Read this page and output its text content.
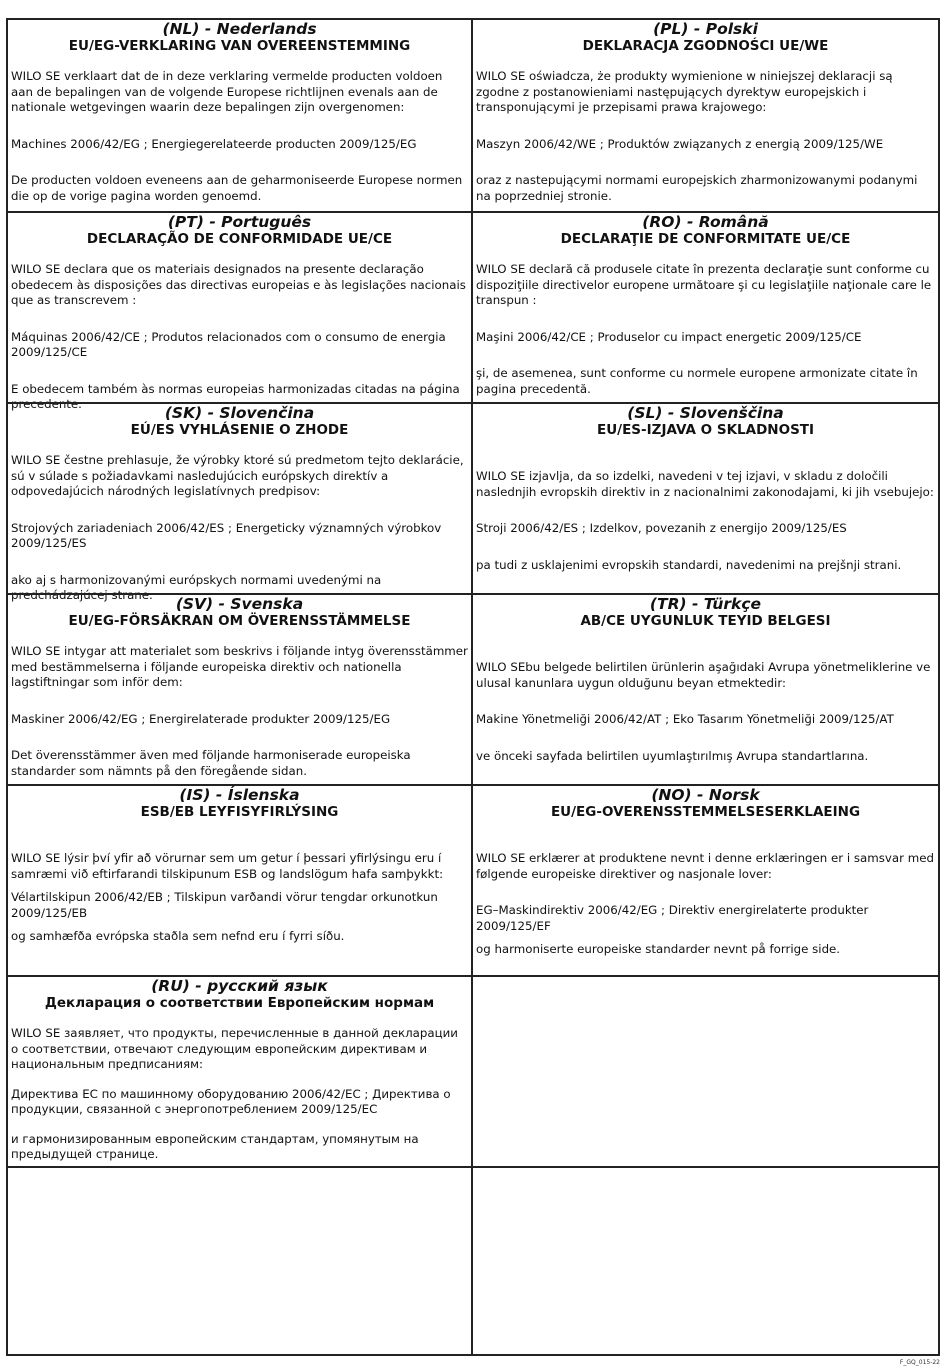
(NL) - Nederlands
EU/EG-VERKLARING VAN OVEREENSTEMMING

WILO SE verklaart dat de in deze verklaring vermelde producten voldoen aan de bepalingen van de volgende Europese richtlijnen evenals aan de nationale wetgevingen waarin deze bepalingen zijn overgenomen:

Machines 2006/42/EG ; Energiegerelateerde producten 2009/125/EG

De producten voldoen eveneens aan de geharmoniseerde Europese normen die op de vorige pagina worden genoemd.

(PL) - Polski
DEKLARACJA ZGODNOŚCI UE/WE

WILO SE oświadcza, że produkty wymienione w niniejszej deklaracji są zgodne z postanowieniami następujących dyrektyw europejskich i transponującymi je przepisami prawa krajowego:

Maszyn 2006/42/WE ; Produktów związanych z energią 2009/125/WE

oraz z nastepującymi normami europejskich zharmonizowanymi podanymi na poprzedniej stronie.

(PT) - Português
DECLARAÇÃO DE CONFORMIDADE UE/CE

WILO SE declara que os materiais designados na presente declaração obedecem às disposições das directivas europeias e às legislações nacionais que as transcrevem :

Máquinas 2006/42/CE ; Produtos relacionados com o consumo de energia 2009/125/CE

E obedecem também às normas europeias harmonizadas citadas na página precedente.

(RO) - Română
DECLARAŢIE DE CONFORMITATE UE/CE

WILO SE declară că produsele citate în prezenta declaraţie sunt conforme cu dispoziţiile directivelor europene următoare şi cu legislaţiile naţionale care le transpun :

Maşini 2006/42/CE ; Produselor cu impact energetic 2009/125/CE

şi, de asemenea, sunt conforme cu normele europene armonizate citate în pagina precedentă.

(SK) - Slovenčina
EÚ/ES VYHLÁSENIE O ZHODE

WILO SE čestne prehlasuje, že výrobky ktoré sú predmetom tejto deklarácie, sú v súlade s požiadavkami nasledujúcich európskych direktív a odpovedajúcich národných legislatívnych predpisov:

Strojových zariadeniach 2006/42/ES ; Energeticky významných výrobkov 2009/125/ES

ako aj s harmonizovanými európskych normami uvedenými na predchádzajúcej strane.

(SL) - Slovenščina
EU/ES-IZJAVA O SKLADNOSTI

WILO SE izjavlja, da so izdelki, navedeni v tej izjavi, v skladu z določili naslednjih evropskih direktiv in z nacionalnimi zakonodajami, ki jih vsebujejo:

Stroji 2006/42/ES ; Izdelkov, povezanih z energijo 2009/125/ES

pa tudi z usklajenimi evropskih standardi, navedenimi na prejšnji strani.

(SV) - Svenska
EU/EG-FÖRSÄKRAN OM ÖVERENSSTÄMMELSE

WILO SE intygar att materialet som beskrivs i följande intyg överensstämmer med bestämmelserna i följande europeiska direktiv och nationella lagstiftningar som inför dem:

Maskiner 2006/42/EG ; Energirelaterade produkter 2009/125/EG

Det överensstämmer även med följande harmoniserade europeiska standarder som nämnts på den föregående sidan.

(TR) - Türkçe
AB/CE UYGUNLUK TEYID BELGESI

WILO SEbu belgede belirtilen ürünlerin aşağıdaki Avrupa yönetmeliklerine ve ulusal kanunlara uygun olduğunu beyan etmektedir:

Makine Yönetmeliği 2006/42/AT ; Eko Tasarım Yönetmeliği 2009/125/AT

ve önceki sayfada belirtilen uyumlaştırılmış Avrupa standartlarına.

(IS) - Íslenska
ESB/EB LEYFISYFIRLÝSING

WILO SE lýsir því yfir að vörurnar sem um getur í þessari yfirlýsingu eru í samræmi við eftirfarandi tilskipunum ESB og landslögum hafa samþykkt:

Vélartilskipun 2006/42/EB ; Tilskipun varðandi vörur tengdar orkunotkun 2009/125/EB

og samhæfða evrópska staðla sem nefnd eru í fyrri síðu.

(NO) - Norsk
EU/EG-OVERENSSTEMMELSESERKLAEING

WILO SE erklærer at produktene nevnt i denne erklæringen er i samsvar med følgende europeiske direktiver og nasjonale lover:

EG–Maskindirektiv 2006/42/EG ; Direktiv energirelaterte produkter 2009/125/EF

og harmoniserte europeiske standarder nevnt på forrige side.

(RU) - русский язык
Декларация о соответствии Европейским нормам

WILO SE заявляет, что продукты, перечисленные в данной декларации о соответствии, отвечают следующим европейским директивам и национальным предписаниям:

Директива ЕС по машинному оборудованию 2006/42/ЕС ; Директива о продукции, связанной с энергопотреблением 2009/125/ЕС

и гармонизированным европейским стандартам, упомянутым на предыдущей странице.

F_GQ_015-22
